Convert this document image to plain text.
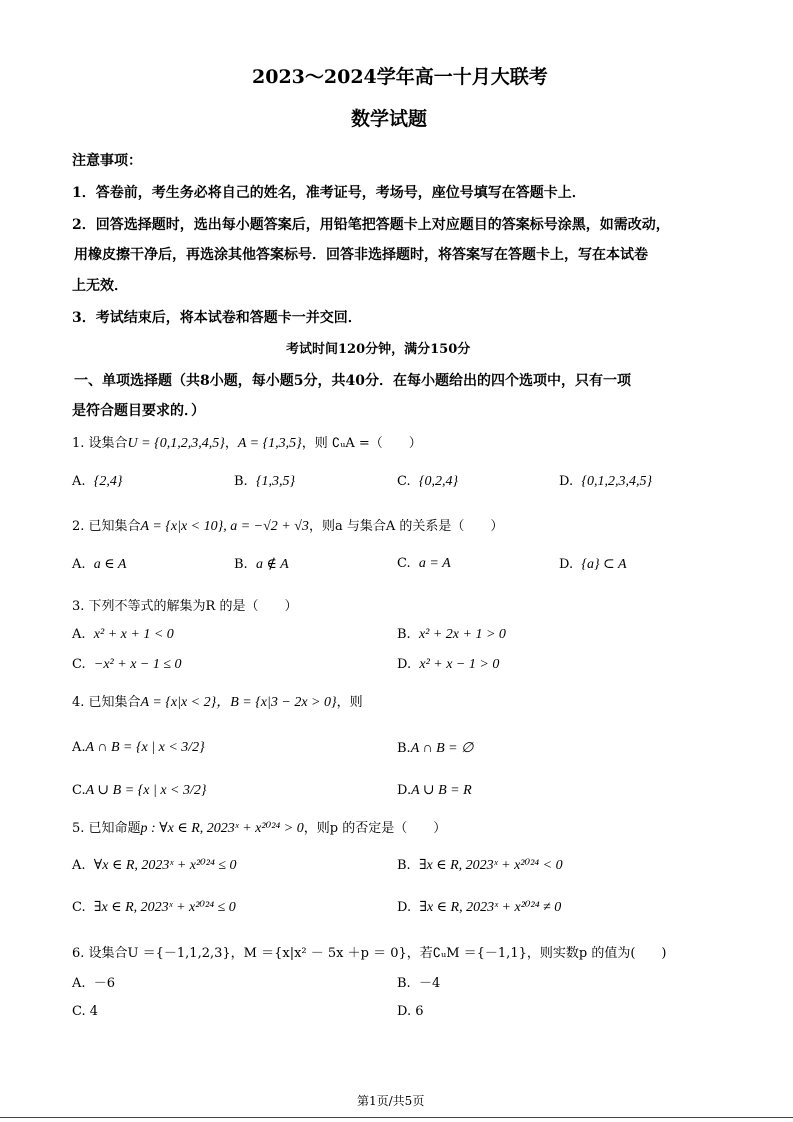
2023～2024学年高一十月大联考
数学试题
注意事项：
1．答卷前，考生务必将自己的姓名，准考证号，考场号，座位号填写在答题卡上．
2．回答选择题时，选出每小题答案后，用铅笔把答题卡上对应题目的答案标号涂黑，如需改动，
用橡皮擦干净后，再选涂其他答案标号．回答非选择题时，将答案写在答题卡上，写在本试卷
上无效．
3．考试结束后，将本试卷和答题卡一并交回．
考试时间120分钟，满分150分
一、单项选择题（共8小题，每小题5分，共40分．在每小题给出的四个选项中，只有一项
是符合题目要求的．）
1. 设集合U = {0,1,2,3,4,5}，A = {1,3,5}，则 ∁ᵤA =（　　）
A. {2,4}	B. {1,3,5}	C. {0,2,4}	D. {0,1,2,3,4,5}
2. 已知集合A = {x|x < 10}, a = −√2 + √3，则a 与集合A 的关系是（　　）
A. a ∈ A	B. a ∉ A	C. a = A	D. {a} ⊂ A
3. 下列不等式的解集为R 的是（　　）
A. x² + x + 1 < 0	B. x² + 2x + 1 > 0
C. −x² + x − 1 ≤ 0	D. x² + x − 1 > 0
4. 已知集合A = {x|x < 2}，B = {x|3 − 2x > 0}，则
A.A ∩ B = {x | x < 3/2}	B.A ∩ B = ∅
C.A ∪ B = {x | x < 3/2}	D.A ∪ B = R
5. 已知命题p : ∀x ∈ R, 2023ˣ + x²⁰²⁴ > 0，则p 的否定是（　　）
A. ∀x ∈ R, 2023ˣ + x²⁰²⁴ ≤ 0	B. ∃x ∈ R, 2023ˣ + x²⁰²⁴ < 0
C. ∃x ∈ R, 2023ˣ + x²⁰²⁴ ≤ 0	D. ∃x ∈ R, 2023ˣ + x²⁰²⁴ ≠ 0
6. 设集合U ＝{－1,1,2,3}，M ＝{x|x² － 5x ＋p ＝ 0}，若∁ᵤM ＝{－1,1}，则实数p 的值为(　　)
A. －6	B. －4
C. 4	D. 6
第1页/共5页
